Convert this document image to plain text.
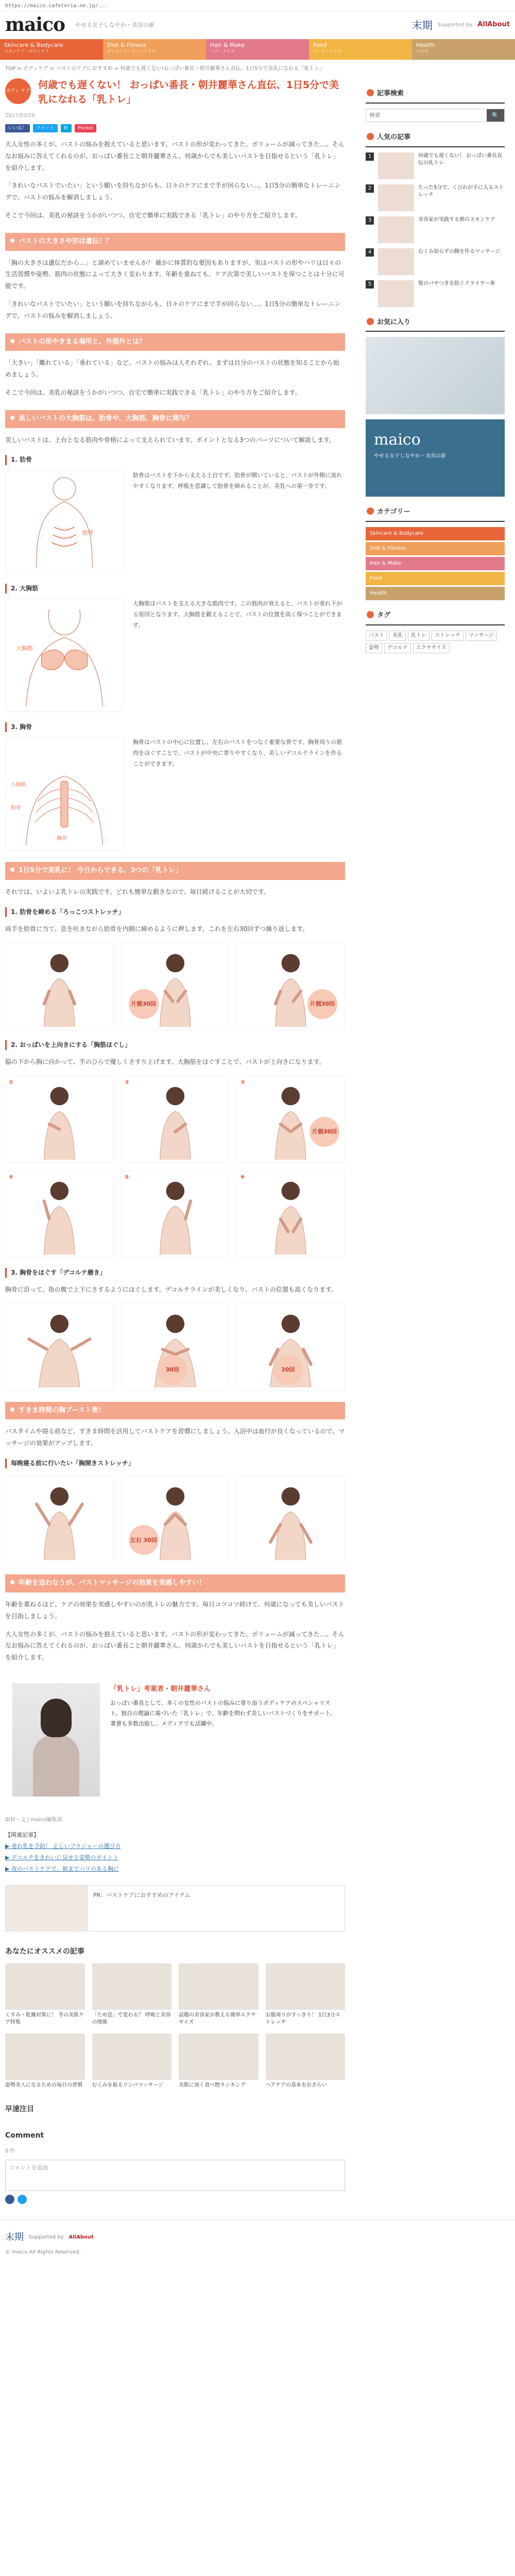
https://maico.cafeteria.ne.jp/...
maico やせる女子しなやか・美容の新	末期 Supported by AllAbout
Skincare & Bodycare
スキンケア・ボディケア
Diet & Fitness
ダイエット・フィットネス
Hair & Make
ヘア・メイク
Food
フード・レシピ
Health
ヘルス
TOP > ボディケア > バストのケアにおすすめ > 何歳でも遅くない!おっぱい番長・朝井麗華さん直伝、1日5分で美乳になれる「乳トレ」
ボディ ケア
何歳でも遅くない！ おっぱい番長・朝井麗華さん直伝、1日5分で美乳になれる「乳トレ」
2017/03/29
いいね！	ツイート	B!	Pocket

大人女性の多くが、バストの悩みを抱えていると思います。バストの形が変わってきた、ボリュームが減ってきた…。そんなお悩みに答えてくれるのが、おっぱい番長こと朝井麗華さん。何歳からでも美しいバストを目指せるという「乳トレ」を紹介します。

「きれいなバストでいたい」という願いを持ちながらも、日々のケアにまで手が回らない…。1日5分の簡単なトレーニングで、バストの悩みを解消しましょう。

そこで今回は、美乳の秘訣をうかがいつつ、自宅で簡単に実践できる「乳トレ」のやり方をご紹介します。

バストの大きさや形は遺伝！？

「胸の大きさは遺伝だから…」と諦めていませんか？ 確かに体質的な要因もありますが、実はバストの形やハリは日々の生活習慣や姿勢、筋肉の状態によって大きく変わります。年齢を重ねても、ケア次第で美しいバストを保つことは十分に可能です。

「きれいなバストでいたい」という願いを持ちながらも、日々のケアにまで手が回らない…。1日5分の簡単なトレーニングで、バストの悩みを解消しましょう。

バストの形やきまる場所と、外側外とは？

「大きい」「離れている」「垂れている」など、バストの悩みは人それぞれ。まずは自分のバストの状態を知ることから始めましょう。

そこで今回は、美乳の秘訣をうかがいつつ、自宅で簡単に実践できる「乳トレ」のやり方をご紹介します。

美しいバストの大胸筋は、肋骨や、大胸筋、胸骨に関与？

美しいバストは、土台となる筋肉や骨格によって支えられています。ポイントとなる3つのパーツについて解説します。

1. 肋骨
肋骨
肋骨はバストを下から支える土台です。肋骨が開いていると、バストが外側に流れやすくなります。呼吸を意識して肋骨を締めることが、美乳への第一歩です。
2. 大胸筋
大胸筋
大胸筋はバストを支える大きな筋肉です。この筋肉が衰えると、バストが垂れ下がる原因となります。大胸筋を鍛えることで、バストの位置を高く保つことができます。
3. 胸骨
小胸筋
肋骨
胸骨
胸骨はバストの中心に位置し、左右のバストをつなぐ重要な骨です。胸骨周りの筋肉をほぐすことで、バストが中央に寄りやすくなり、美しいデコルテラインを作ることができます。
1日5分で美乳に！ 今日からできる、3つの「乳トレ」

それでは、いよいよ乳トレの実践です。どれも簡単な動きなので、毎日続けることが大切です。

1. 肋骨を締める「ろっこつストレッチ」

両手を肋骨に当て、息を吐きながら肋骨を内側に締めるように押します。これを左右30回ずつ繰り返します。

片側30回	片側30回
2. おっぱいを上向きにする「胸筋ほぐし」

脇の下から胸に向かって、手のひらで優しくさすり上げます。大胸筋をほぐすことで、バストが上向きになります。

①	②	③
片側30回
④	⑤	⑥
3. 胸骨をほぐす「デコルテ磨き」

胸骨に沿って、指の腹で上下にさするようにほぐします。デコルテラインが美しくなり、バストの位置も高くなります。

30回	30回
すきま時間の胸ブースト術！

バスタイムや寝る前など、すきま時間を活用してバストケアを習慣にしましょう。入浴中は血行が良くなっているので、マッサージの効果がアップします。

毎晩寝る前に行いたい「胸開きストレッチ」
左右 30回
年齢を追わなうが、バストマッサージの効果を実感しやすい！

年齢を重ねるほど、ケアの効果を実感しやすいのが乳トレの魅力です。毎日コツコツ続けて、何歳になっても美しいバストを目指しましょう。

大人女性の多くが、バストの悩みを抱えていると思います。バストの形が変わってきた、ボリュームが減ってきた…。そんなお悩みに答えてくれるのが、おっぱい番長こと朝井麗華さん。何歳からでも美しいバストを目指せるという「乳トレ」を紹介します。

「乳トレ」考案者・朝井麗華さん
おっぱい番長として、多くの女性のバストの悩みに寄り添うボディケアのスペシャリスト。独自の理論に基づいた「乳トレ」で、年齢を問わず美しいバストづくりをサポート。著書も多数出版し、メディアでも活躍中。
取材・文 / maico編集部
【関連記事】
▶ 垂れ乳を予防！ 正しいブラジャーの選び方
▶ デコルテをきれいに見せる姿勢のポイント
▶ 夜のバストケアで、朝までハリのある胸に
PR：バストケアにおすすめのアイテム
あなたにオススメの記事
くすみ・乾燥対策に！ 冬の美肌ケア特集
「ため息」で変わる？ 呼吸と美容の関係
話題の美容家が教える簡単エクササイズ
お腹周りがすっきり！ 1日3分ストレッチ
姿勢美人になるための毎日の習慣	むくみを取るリンパマッサージ	美肌に効く食べ物ランキング	ヘアケアの基本をおさらい
早速注目
Comment
0 件
コメントを追加
記事検索
検索
🔍
人気の記事
1	何歳でも遅くない！ おっぱい番長直伝の乳トレ
2	たった5分で、くびれが手に入るストレッチ
3	美容家が実践する朝のスキンケア
4	むくみ知らずの脚を作るマッサージ
5	髪のパサつきを防ぐドライヤー術
お気に入り
maico
やせる女子しなやか・美容の新
カテゴリー
Skincare & Bodycare
Diet & Fitness
Hair & Make
Food
Health
タグ
バスト	美乳	乳トレ	ストレッチ	マッサージ
姿勢	デコルテ	エクササイズ
末期 Supported by AllAbout
© maico All Rights Reserved.
